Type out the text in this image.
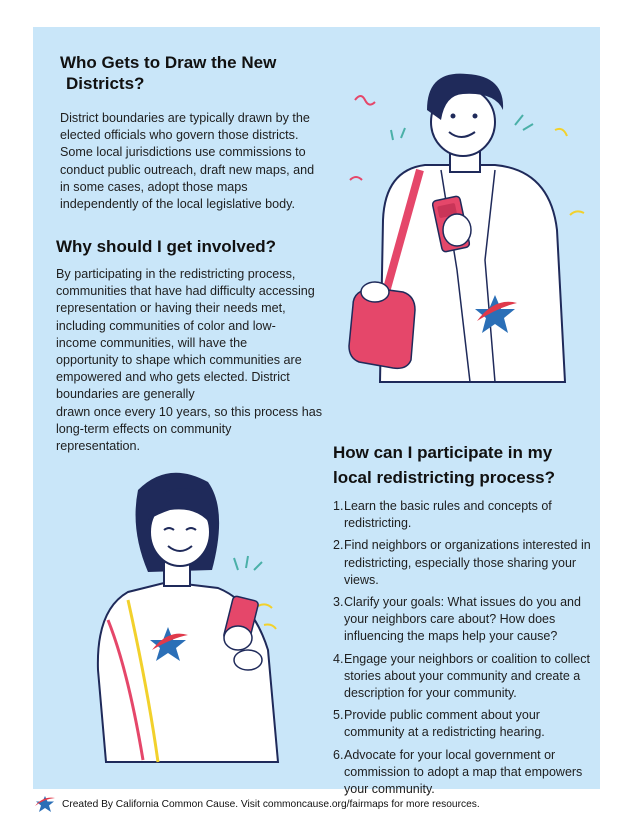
Who Gets to Draw the New
Districts?

District boundaries are typically drawn by the elected officials who govern those districts. Some local jurisdictions use commissions to conduct public outreach, draft new maps, and in some cases, adopt those maps independently of the local legislative body.

Why should I get involved?
By participating in the redistricting process,
communities that have had difficulty accessing
representation or having their needs met,
including communities of color and low-
income communities, will have the
opportunity to shape which communities are
empowered and who gets elected. District
boundaries are generally
drawn once every 10 years, so this process has
long-term effects on community
representation.	How can I participate in my local redistricting process?
1. Learn the basic rules and concepts of redistricting.
2. Find neighbors or organizations interested in redistricting, especially those sharing your views.
3. Clarify your goals: What issues do you and your neighbors care about? How does influencing the maps help your cause?
4. Engage your neighbors or coalition to collect stories about your community and create a description for your community.
5. Provide public comment about your community at a redistricting hearing.
6. Advocate for your local government or commission to adopt a map that empowers your community.
Created By California Common Cause. Visit commoncause.org/fairmaps for more resources.
